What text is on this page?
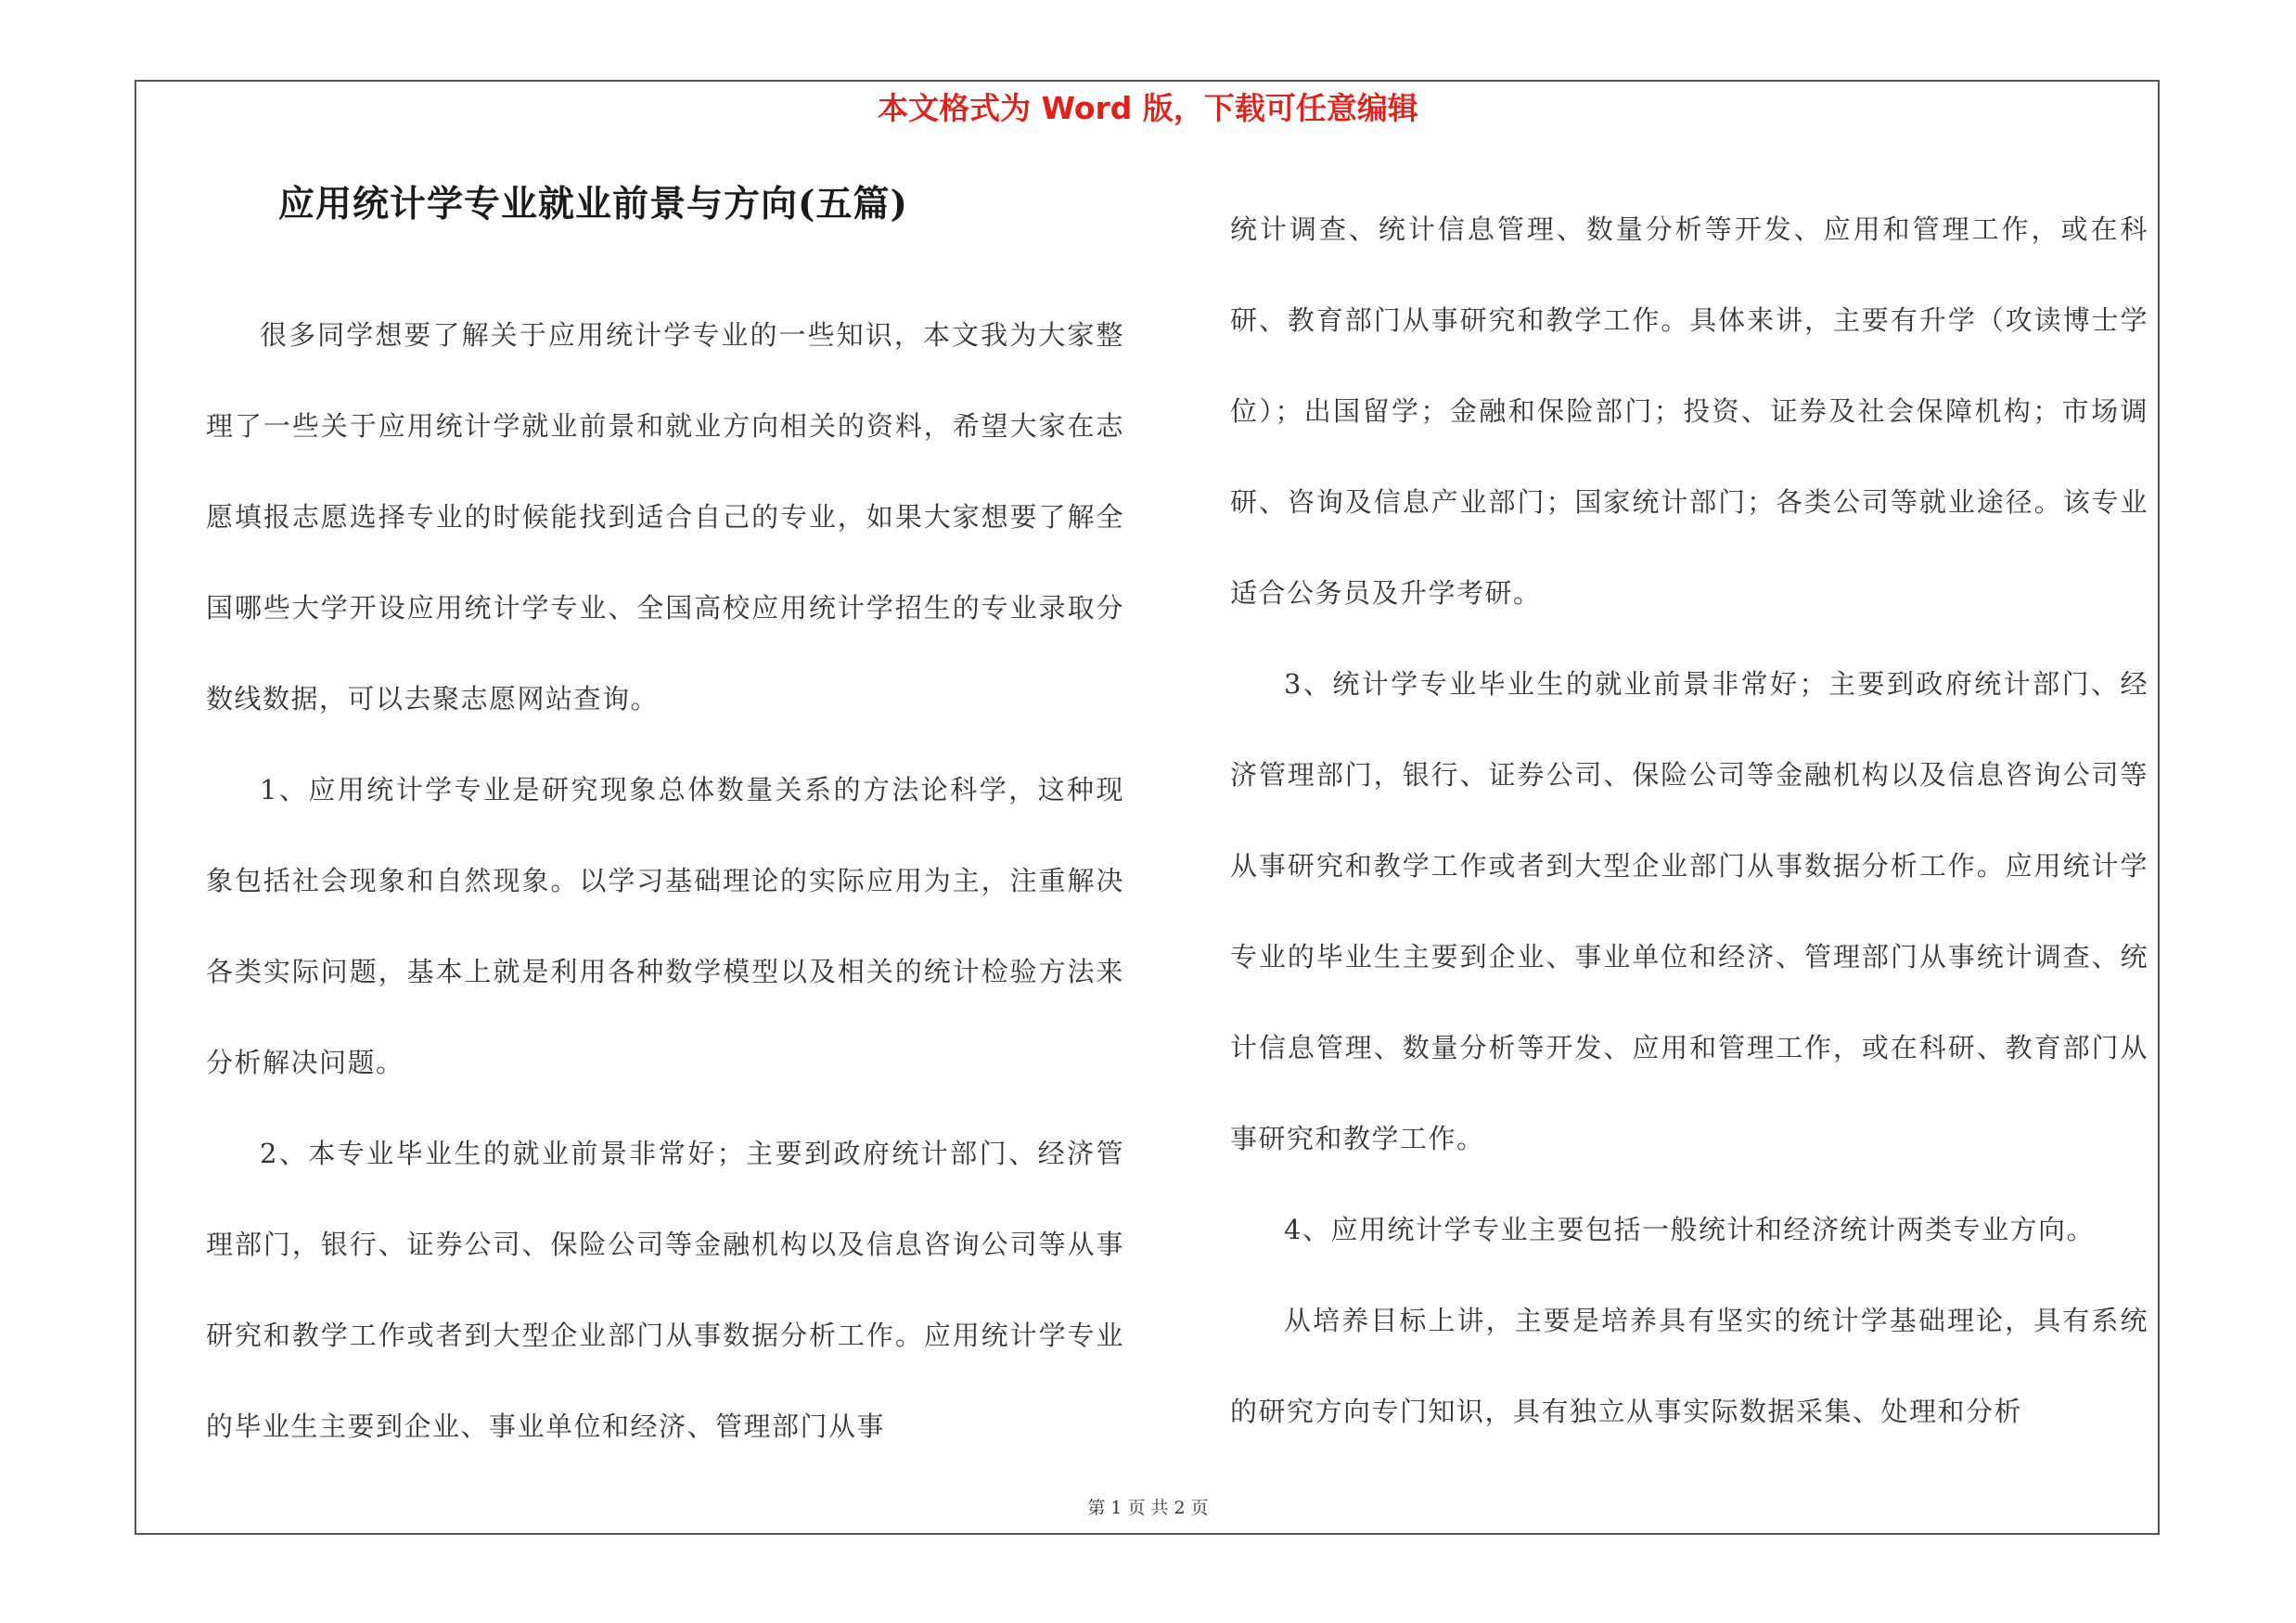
本文格式为 Word 版，下载可任意编辑
应用统计学专业就业前景与方向(五篇)

很多同学想要了解关于应用统计学专业的一些知识，本文我为大家整理了一些关于应用统计学就业前景和就业方向相关的资料，希望大家在志愿填报志愿选择专业的时候能找到适合自己的专业，如果大家想要了解全国哪些大学开设应用统计学专业、全国高校应用统计学招生的专业录取分数线数据，可以去聚志愿网站查询。

1、应用统计学专业是研究现象总体数量关系的方法论科学，这种现象包括社会现象和自然现象。以学习基础理论的实际应用为主，注重解决各类实际问题，基本上就是利用各种数学模型以及相关的统计检验方法来分析解决问题。

2、本专业毕业生的就业前景非常好；主要到政府统计部门、经济管理部门，银行、证券公司、保险公司等金融机构以及信息咨询公司等从事研究和教学工作或者到大型企业部门从事数据分析工作。应用统计学专业的毕业生主要到企业、事业单位和经济、管理部门从事

统计调查、统计信息管理、数量分析等开发、应用和管理工作，或在科研、教育部门从事研究和教学工作。具体来讲，主要有升学（攻读博士学位）；出国留学；金融和保险部门；投资、证券及社会保障机构；市场调研、咨询及信息产业部门；国家统计部门；各类公司等就业途径。该专业适合公务员及升学考研。

3、统计学专业毕业生的就业前景非常好；主要到政府统计部门、经济管理部门，银行、证券公司、保险公司等金融机构以及信息咨询公司等从事研究和教学工作或者到大型企业部门从事数据分析工作。应用统计学专业的毕业生主要到企业、事业单位和经济、管理部门从事统计调查、统计信息管理、数量分析等开发、应用和管理工作，或在科研、教育部门从事研究和教学工作。

4、应用统计学专业主要包括一般统计和经济统计两类专业方向。

从培养目标上讲，主要是培养具有坚实的统计学基础理论，具有系统的研究方向专门知识，具有独立从事实际数据采集、处理和分析

第 1 页 共 2 页
